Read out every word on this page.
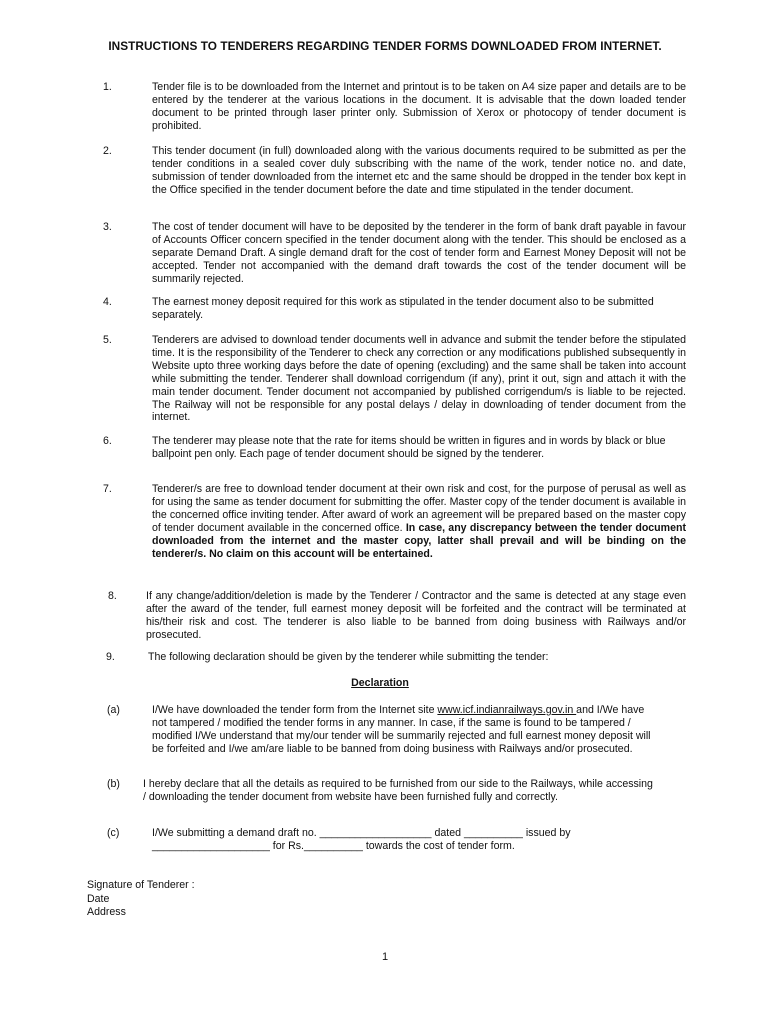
INSTRUCTIONS TO TENDERERS REGARDING TENDER FORMS DOWNLOADED FROM INTERNET.
1.	Tender file is to be downloaded from the Internet and printout is to be taken on A4 size paper and details are to be entered by the tenderer at the various locations in the document. It is advisable that the down loaded tender document to be printed through laser printer only. Submission of Xerox or photocopy of tender document is prohibited.
2.	This tender document (in full) downloaded along with the various documents required to be submitted as per the tender conditions in a sealed cover duly subscribing with the name of the work, tender notice no. and date, submission of tender downloaded from the internet etc and the same should be dropped in the tender box kept in the Office specified in the tender document before the date and time stipulated in the tender document.
3.	The cost of tender document will have to be deposited by the tenderer in the form of bank draft payable in favour of Accounts Officer concern specified in the tender document along with the tender. This should be enclosed as a separate Demand Draft. A single demand draft for the cost of tender form and Earnest Money Deposit will not be accepted. Tender not accompanied with the demand draft towards the cost of the tender document will be summarily rejected.
4.	The earnest money deposit required for this work as stipulated in the tender document also to be submitted separately.
5.	Tenderers are advised to download tender documents well in advance and submit the tender before the stipulated time. It is the responsibility of the Tenderer to check any correction or any modifications published subsequently in Website upto three working days before the date of opening (excluding) and the same shall be taken into account while submitting the tender. Tenderer shall download corrigendum (if any), print it out, sign and attach it with the main tender document. Tender document not accompanied by published corrigendum/s is liable to be rejected. The Railway will not be responsible for any postal delays / delay in downloading of tender document from the internet.
6.	The tenderer may please note that the rate for items should be written in figures and in words by black or blue ballpoint pen only. Each page of tender document should be signed by the tenderer.
7.	Tenderer/s are free to download tender document at their own risk and cost, for the purpose of perusal as well as for using the same as tender document for submitting the offer. Master copy of the tender document is available in the concerned office inviting tender. After award of work an agreement will be prepared based on the master copy of tender document available in the concerned office. In case, any discrepancy between the tender document downloaded from the internet and the master copy, latter shall prevail and will be binding on the tenderer/s. No claim on this account will be entertained.
8.	If any change/addition/deletion is made by the Tenderer / Contractor and the same is detected at any stage even after the award of the tender, full earnest money deposit will be forfeited and the contract will be terminated at his/their risk and cost. The tenderer is also liable to be banned from doing business with Railways and/or prosecuted.
9.	The following declaration should be given by the tenderer while submitting the tender:
Declaration
(a)	I/We have downloaded the tender form from the Internet site www.icf.indianrailways.gov.in and I/We have not tampered / modified the tender forms in any manner. In case, if the same is found to be tampered / modified I/We understand that my/our tender will be summarily rejected and full earnest money deposit will be forfeited and I/we am/are liable to be banned from doing business with Railways and/or prosecuted.
(b) I hereby declare that all the details as required to be furnished from our side to the Railways, while accessing / downloading the tender document from website have been furnished fully and correctly.
(c)	I/We submitting a demand draft no. ___________________ dated __________ issued by
____________________ for Rs.__________ towards the cost of tender form.
Signature of Tenderer :
Date
Address
1
